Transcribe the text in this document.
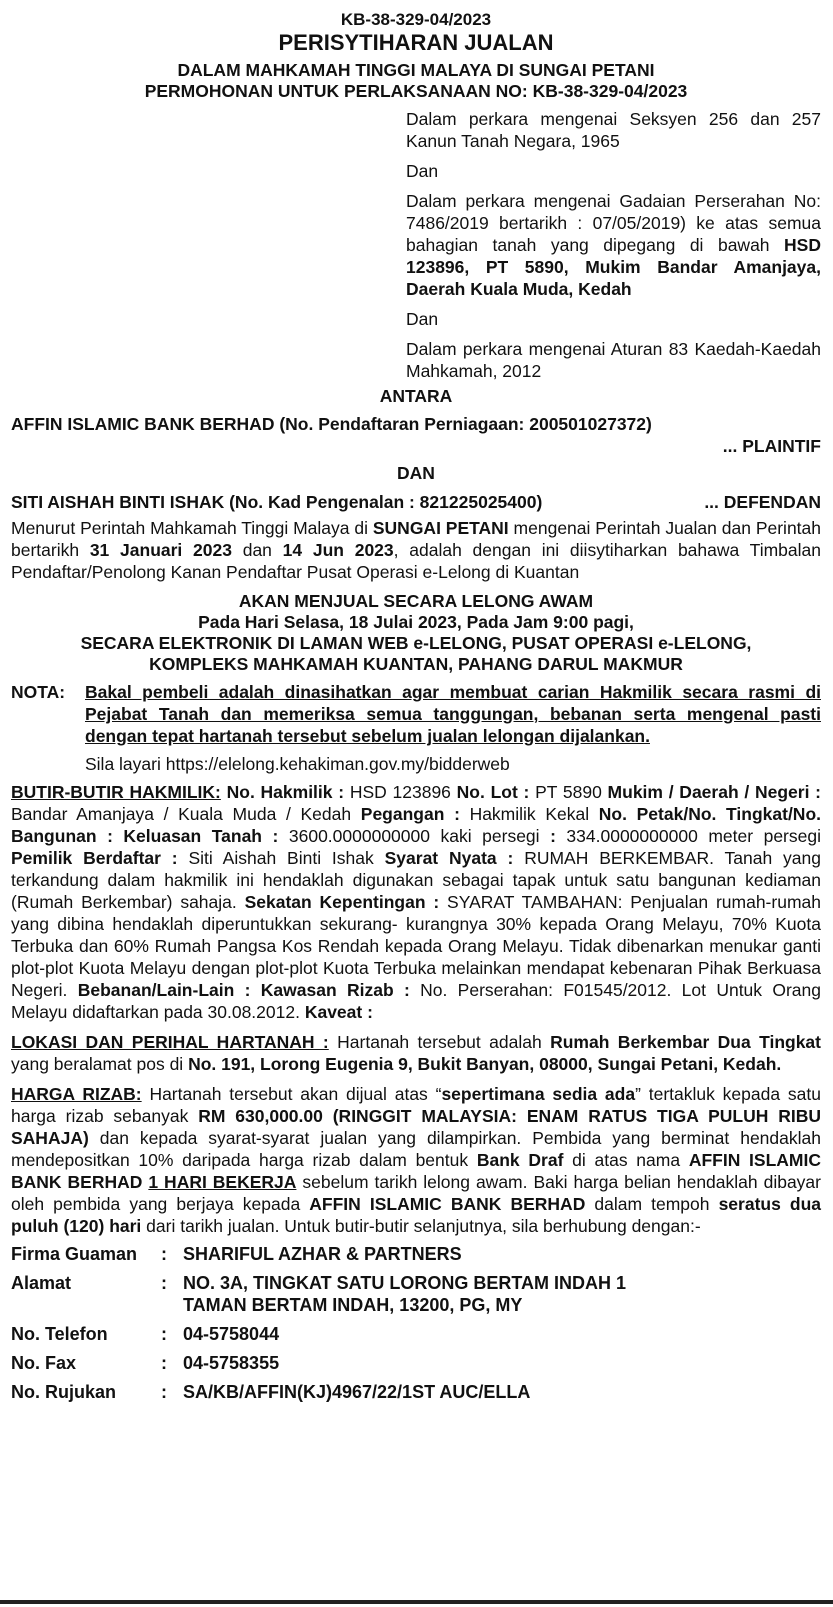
KB-38-329-04/2023
PERISYTIHARAN JUALAN
DALAM MAHKAMAH TINGGI MALAYA DI SUNGAI PETANI
PERMOHONAN UNTUK PERLAKSANAAN NO: KB-38-329-04/2023

Dalam perkara mengenai Seksyen 256 dan 257 Kanun Tanah Negara, 1965

Dan

Dalam perkara mengenai Gadaian Perserahan No: 7486/2019 bertarikh : 07/05/2019) ke atas semua bahagian tanah yang dipegang di bawah HSD 123896, PT 5890, Mukim Bandar Amanjaya, Daerah Kuala Muda, Kedah

Dan

Dalam perkara mengenai Aturan 83 Kaedah-Kaedah Mahkamah, 2012

ANTARA
AFFIN ISLAMIC BANK BERHAD (No. Pendaftaran Perniagaan: 200501027372)
... PLAINTIF
DAN
SITI AISHAH BINTI ISHAK (No. Kad Pengenalan : 821225025400)	... DEFENDAN

Menurut Perintah Mahkamah Tinggi Malaya di SUNGAI PETANI mengenai Perintah Jualan dan Perintah bertarikh 31 Januari 2023 dan 14 Jun 2023, adalah dengan ini diisytiharkan bahawa Timbalan Pendaftar/Penolong Kanan Pendaftar Pusat Operasi e-Lelong di Kuantan

AKAN MENJUAL SECARA LELONG AWAM
Pada Hari Selasa, 18 Julai 2023, Pada Jam 9:00 pagi,
SECARA ELEKTRONIK DI LAMAN WEB e-LELONG, PUSAT OPERASI e-LELONG,
KOMPLEKS MAHKAMAH KUANTAN, PAHANG DARUL MAKMUR
NOTA:	Bakal pembeli adalah dinasihatkan agar membuat carian Hakmilik secara rasmi di Pejabat Tanah dan memeriksa semua tanggungan, bebanan serta mengenal pasti dengan tepat hartanah tersebut sebelum jualan lelongan dijalankan.
Sila layari https://elelong.kehakiman.gov.my/bidderweb

BUTIR-BUTIR HAKMILIK: No. Hakmilik : HSD 123896 No. Lot : PT 5890 Mukim / Daerah / Negeri : Bandar Amanjaya / Kuala Muda / Kedah Pegangan : Hakmilik Kekal No. Petak/No. Tingkat/No. Bangunan : Keluasan Tanah : 3600.0000000000 kaki persegi : 334.0000000000 meter persegi Pemilik Berdaftar : Siti Aishah Binti Ishak Syarat Nyata : RUMAH BERKEMBAR. Tanah yang terkandung dalam hakmilik ini hendaklah digunakan sebagai tapak untuk satu bangunan kediaman (Rumah Berkembar) sahaja. Sekatan Kepentingan : SYARAT TAMBAHAN: Penjualan rumah-rumah yang dibina hendaklah diperuntukkan sekurang- kurangnya 30% kepada Orang Melayu, 70% Kuota Terbuka dan 60% Rumah Pangsa Kos Rendah kepada Orang Melayu. Tidak dibenarkan menukar ganti plot-plot Kuota Melayu dengan plot-plot Kuota Terbuka melainkan mendapat kebenaran Pihak Berkuasa Negeri. Bebanan/Lain-Lain : Kawasan Rizab : No. Perserahan: F01545/2012. Lot Untuk Orang Melayu didaftarkan pada 30.08.2012. Kaveat :

LOKASI DAN PERIHAL HARTANAH : Hartanah tersebut adalah Rumah Berkembar Dua Tingkat yang beralamat pos di No. 191, Lorong Eugenia 9, Bukit Banyan, 08000, Sungai Petani, Kedah.

HARGA RIZAB: Hartanah tersebut akan dijual atas “sepertimana sedia ada” tertakluk kepada satu harga rizab sebanyak RM 630,000.00 (RINGGIT MALAYSIA: ENAM RATUS TIGA PULUH RIBU SAHAJA) dan kepada syarat-syarat jualan yang dilampirkan. Pembida yang berminat hendaklah mendepositkan 10% daripada harga rizab dalam bentuk Bank Draf di atas nama AFFIN ISLAMIC BANK BERHAD 1 HARI BEKERJA sebelum tarikh lelong awam. Baki harga belian hendaklah dibayar oleh pembida yang berjaya kepada AFFIN ISLAMIC BANK BERHAD dalam tempoh seratus dua puluh (120) hari dari tarikh jualan. Untuk butir-butir selanjutnya, sila berhubung dengan:-

Firma Guaman	:	SHARIFUL AZHAR & PARTNERS
Alamat	:	NO. 3A, TINGKAT SATU LORONG BERTAM INDAH 1
TAMAN BERTAM INDAH, 13200, PG, MY

No. Telefon	:	04-5758044
No. Fax	:	04-5758355
No. Rujukan	:	SA/KB/AFFIN(KJ)4967/22/1ST AUC/ELLA
